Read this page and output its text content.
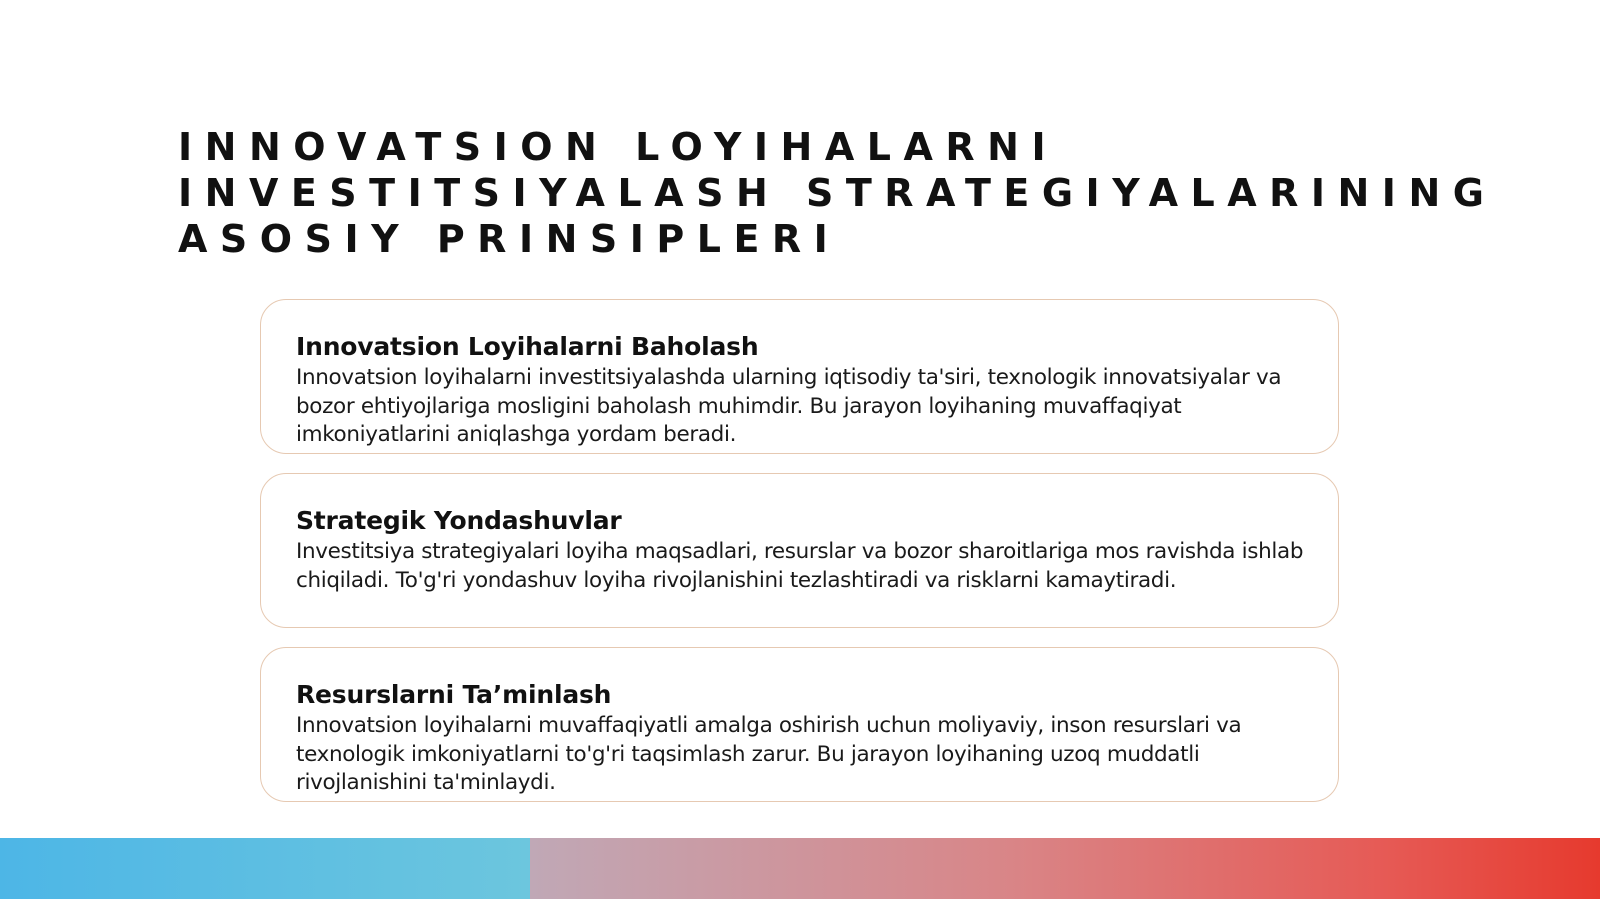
INNOVATSION LOYIHALARNI
INVESTITSIYALASH STRATEGIYALARINING
ASOSIY PRINSIPLERI
Innovatsion Loyihalarni Baholash

Innovatsion loyihalarni investitsiyalashda ularning iqtisodiy ta'siri, texnologik innovatsiyalar va bozor ehtiyojlariga mosligini baholash muhimdir. Bu jarayon loyihaning muvaffaqiyat imkoniyatlarini aniqlashga yordam beradi.

Strategik Yondashuvlar

Investitsiya strategiyalari loyiha maqsadlari, resurslar va bozor sharoitlariga mos ravishda ishlab chiqiladi. To'g'ri yondashuv loyiha rivojlanishini tezlashtiradi va risklarni kamaytiradi.

Resurslarni Ta’minlash

Innovatsion loyihalarni muvaffaqiyatli amalga oshirish uchun moliyaviy, inson resurslari va texnologik imkoniyatlarni to'g'ri taqsimlash zarur. Bu jarayon loyihaning uzoq muddatli rivojlanishini ta'minlaydi.
